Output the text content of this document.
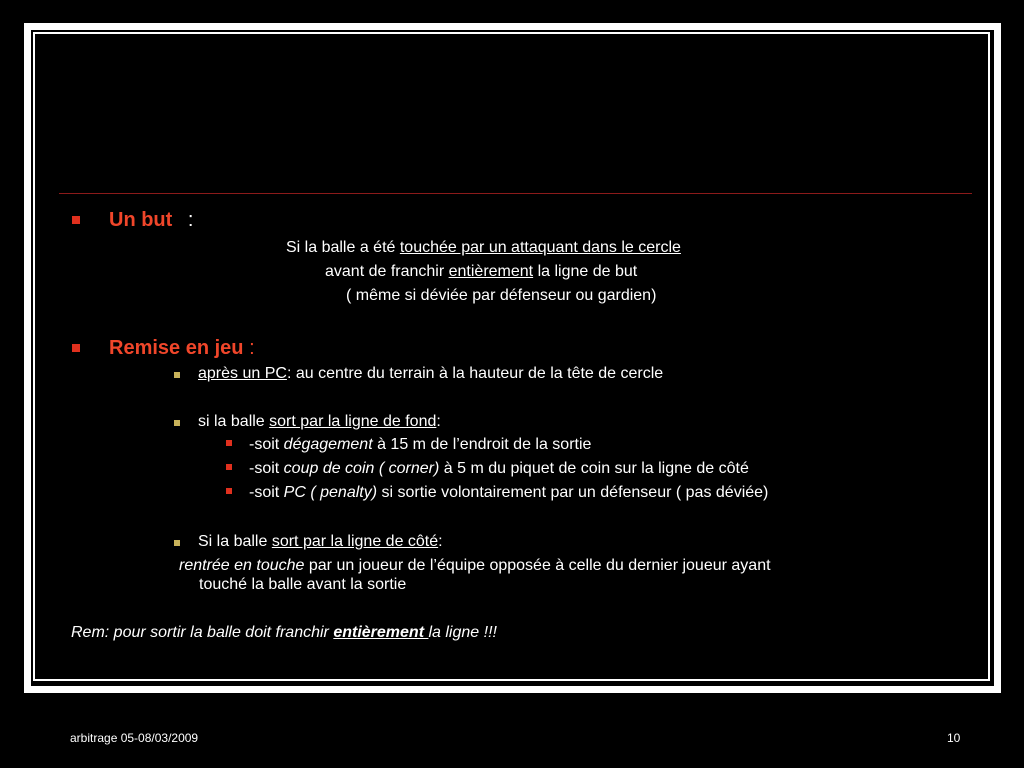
Un but :
Si la balle a été touchée par un attaquant dans le cercle
avant de franchir entièrement la ligne de but
( même si déviée par défenseur ou gardien)
Remise en jeu :
après un PC: au centre du terrain à la hauteur de la tête de cercle
si la balle sort par la ligne de fond:
-soit dégagement à 15 m de l’endroit de la sortie
-soit coup de coin ( corner) à 5 m du piquet de coin sur la ligne de côté
-soit PC ( penalty) si sortie volontairement par un défenseur ( pas déviée)
Si la balle sort par la ligne de côté:
rentrée en touche par un joueur de l’équipe opposée à celle du dernier joueur ayant
touché la balle avant la sortie
Rem: pour sortir la balle doit franchir entièrement la ligne !!!
arbitrage 05-08/03/2009	10
